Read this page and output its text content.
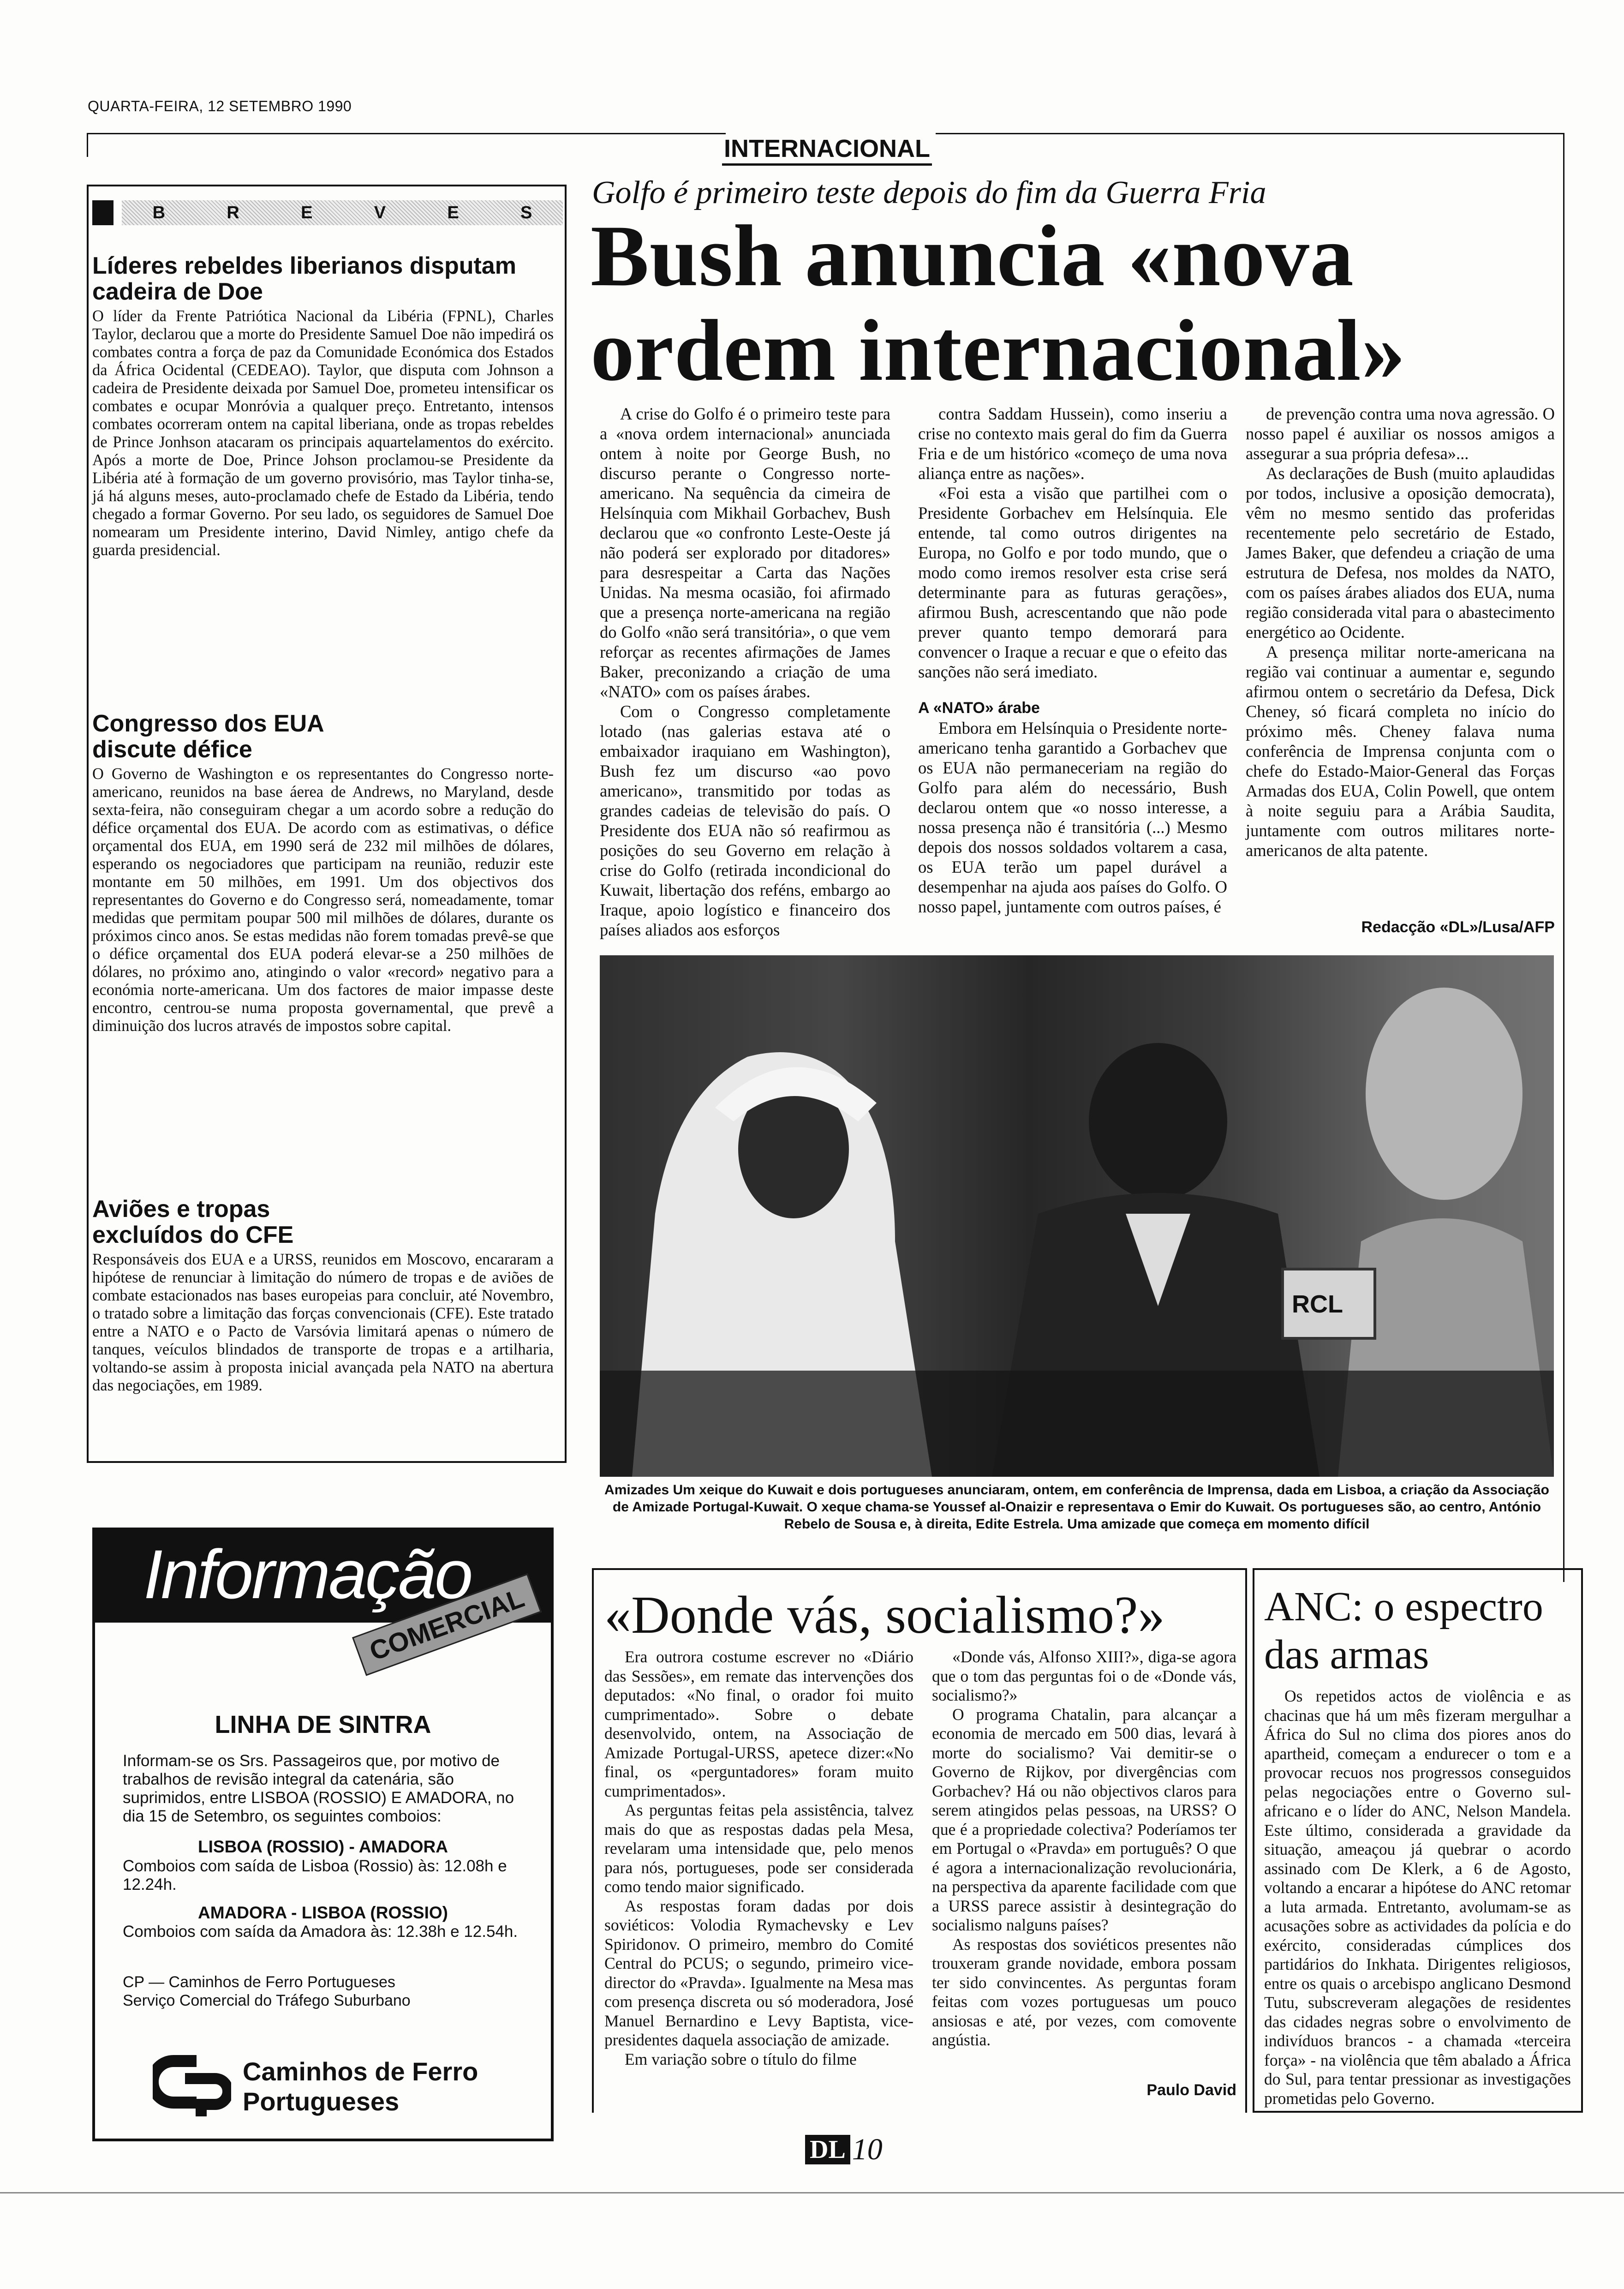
QUARTA-FEIRA, 12 SETEMBRO 1990
INTERNACIONAL
B	R	E	V	E	S
Líderes rebeldes liberianos disputam cadeira de Doe

O líder da Frente Patriótica Nacional da Libéria (FPNL), Charles Taylor, declarou que a morte do Presidente Samuel Doe não impedirá os combates contra a força de paz da Comunidade Económica dos Estados da África Ocidental (CEDEAO). Taylor, que disputa com Johnson a cadeira de Presidente deixada por Samuel Doe, prometeu intensificar os combates e ocupar Monróvia a qualquer preço. Entretanto, intensos combates ocorreram ontem na capital liberiana, onde as tropas rebeldes de Prince Jonhson atacaram os principais aquartelamentos do exército. Após a morte de Doe, Prince Johson proclamou-se Presidente da Libéria até à formação de um governo provisório, mas Taylor tinha-se, já há alguns meses, auto-proclamado chefe de Estado da Libéria, tendo chegado a formar Governo. Por seu lado, os seguidores de Samuel Doe nomearam um Presidente interino, David Nimley, antigo chefe da guarda presidencial.

Congresso dos EUA discute défice

O Governo de Washington e os representantes do Congresso norte-americano, reunidos na base áerea de Andrews, no Maryland, desde sexta-feira, não conseguiram chegar a um acordo sobre a redução do défice orçamental dos EUA. De acordo com as estimativas, o défice orçamental dos EUA, em 1990 será de 232 mil milhões de dólares, esperando os negociadores que participam na reunião, reduzir este montante em 50 milhões, em 1991. Um dos objectivos dos representantes do Governo e do Congresso será, nomeadamente, tomar medidas que permitam poupar 500 mil milhões de dólares, durante os próximos cinco anos. Se estas medidas não forem tomadas prevê-se que o défice orçamental dos EUA poderá elevar-se a 250 milhões de dólares, no próximo ano, atingindo o valor «record» negativo para a económia norte-americana. Um dos factores de maior impasse deste encontro, centrou-se numa proposta governamental, que prevê a diminuição dos lucros através de impostos sobre capital.

Aviões e tropas excluídos do CFE

Responsáveis dos EUA e a URSS, reunidos em Moscovo, encararam a hipótese de renunciar à limitação do número de tropas e de aviões de combate estacionados nas bases europeias para concluir, até Novembro, o tratado sobre a limitação das forças convencionais (CFE). Este tratado entre a NATO e o Pacto de Varsóvia limitará apenas o número de tanques, veículos blindados de transporte de tropas e a artilharia, voltando-se assim à proposta inicial avançada pela NATO na abertura das negociações, em 1989.

Informação
COMERCIAL
LINHA DE SINTRA

Informam-se os Srs. Passageiros que, por motivo de trabalhos de revisão integral da catenária, são suprimidos, entre LISBOA (ROSSIO) E AMADORA, no dia 15 de Setembro, os seguintes comboios:

LISBOA (ROSSIO) - AMADORA

Comboios com saída de Lisboa (Rossio) às: 12.08h e 12.24h.

AMADORA - LISBOA (ROSSIO)

Comboios com saída da Amadora às: 12.38h e 12.54h.

CP — Caminhos de Ferro Portugueses
Serviço Comercial do Tráfego Suburbano
Caminhos de Ferro
Portugueses
Golfo é primeiro teste depois do fim da Guerra Fria
Bush anuncia «nova
ordem internacional»

A crise do Golfo é o primeiro teste para a «nova ordem internacional» anunciada ontem à noite por George Bush, no discurso perante o Congresso norte-americano. Na sequência da cimeira de Helsínquia com Mikhail Gorbachev, Bush declarou que «o confronto Leste-Oeste já não poderá ser explorado por ditadores» para desrespeitar a Carta das Nações Unidas. Na mesma ocasião, foi afirmado que a presença norte-americana na região do Golfo «não será transitória», o que vem reforçar as recentes afirmações de James Baker, preconizando a criação de uma «NATO» com os países árabes.

Com o Congresso completamente lotado (nas galerias estava até o embaixador iraquiano em Washington), Bush fez um discurso «ao povo americano», transmitido por todas as grandes cadeias de televisão do país. O Presidente dos EUA não só reafirmou as posições do seu Governo em relação à crise do Golfo (retirada incondicional do Kuwait, libertação dos reféns, embargo ao Iraque, apoio logístico e financeiro dos países aliados aos esforços

contra Saddam Hussein), como inseriu a crise no contexto mais geral do fim da Guerra Fria e de um histórico «começo de uma nova aliança entre as nações».

«Foi esta a visão que partilhei com o Presidente Gorbachev em Helsínquia. Ele entende, tal como outros dirigentes na Europa, no Golfo e por todo mundo, que o modo como iremos resolver esta crise será determinante para as futuras gerações», afirmou Bush, acrescentando que não pode prever quanto tempo demorará para convencer o Iraque a recuar e que o efeito das sanções não será imediato.

A «NATO» árabe

Embora em Helsínquia o Presidente norte-americano tenha garantido a Gorbachev que os EUA não permaneceriam na região do Golfo para além do necessário, Bush declarou ontem que «o nosso interesse, a nossa presença não é transitória (...) Mesmo depois dos nossos soldados voltarem a casa, os EUA terão um papel durável a desempenhar na ajuda aos países do Golfo. O nosso papel, juntamente com outros países, é

de prevenção contra uma nova agressão. O nosso papel é auxiliar os nossos amigos a assegurar a sua própria defesa»...

As declarações de Bush (muito aplaudidas por todos, inclusive a oposição democrata), vêm no mesmo sentido das proferidas recentemente pelo secretário de Estado, James Baker, que defendeu a criação de uma estrutura de Defesa, nos moldes da NATO, com os países árabes aliados dos EUA, numa região considerada vital para o abastecimento energético ao Ocidente.

A presença militar norte-americana na região vai continuar a aumentar e, segundo afirmou ontem o secretário da Defesa, Dick Cheney, só ficará completa no início do próximo mês. Cheney falava numa conferência de Imprensa conjunta com o chefe do Estado-Maior-General das Forças Armadas dos EUA, Colin Powell, que ontem à noite seguiu para a Arábia Saudita, juntamente com outros militares norte-americanos de alta patente.

Redacção «DL»/Lusa/AFP
RCL

Amizades Um xeique do Kuwait e dois portugueses anunciaram, ontem, em conferência de Imprensa, dada em Lisboa, a criação da Associação de Amizade Portugal-Kuwait. O xeque chama-se Youssef al-Onaizir e representava o Emir do Kuwait. Os portugueses são, ao centro, António Rebelo de Sousa e, à direita, Edite Estrela. Uma amizade que começa em momento difícil

«Donde vás, socialismo?»

Era outrora costume escrever no «Diário das Sessões», em remate das intervenções dos deputados: «No final, o orador foi muito cumprimentado». Sobre o debate desenvolvido, ontem, na Associação de Amizade Portugal-URSS, apetece dizer:«No final, os «perguntadores» foram muito cumprimentados».

As perguntas feitas pela assistência, talvez mais do que as respostas dadas pela Mesa, revelaram uma intensidade que, pelo menos para nós, portugueses, pode ser considerada como tendo maior significado.

As respostas foram dadas por dois soviéticos: Volodia Rymachevsky e Lev Spiridonov. O primeiro, membro do Comité Central do PCUS; o segundo, primeiro vice-director do «Pravda». Igualmente na Mesa mas com presença discreta ou só moderadora, José Manuel Bernardino e Levy Baptista, vice-presidentes daquela associação de amizade.

Em variação sobre o título do filme

«Donde vás, Alfonso XIII?», diga-se agora que o tom das perguntas foi o de «Donde vás, socialismo?»

O programa Chatalin, para alcançar a economia de mercado em 500 dias, levará à morte do socialismo? Vai demitir-se o Governo de Rijkov, por divergências com Gorbachev? Há ou não objectivos claros para serem atingidos pelas pessoas, na URSS? O que é a propriedade colectiva? Poderíamos ter em Portugal o «Pravda» em português? O que é agora a internacionalização revolucionária, na perspectiva da aparente facilidade com que a URSS parece assistir à desintegração do socialismo nalguns países?

As respostas dos soviéticos presentes não trouxeram grande novidade, embora possam ter sido convincentes. As perguntas foram feitas com vozes portuguesas um pouco ansiosas e até, por vezes, com comovente angústia.

Paulo David
ANC: o espectro das armas

Os repetidos actos de violência e as chacinas que há um mês fizeram mergulhar a África do Sul no clima dos piores anos do apartheid, começam a endurecer o tom e a provocar recuos nos progressos conseguidos pelas negociações entre o Governo sul-africano e o líder do ANC, Nelson Mandela. Este último, considerada a gravidade da situação, ameaçou já quebrar o acordo assinado com De Klerk, a 6 de Agosto, voltando a encarar a hipótese do ANC retomar a luta armada. Entretanto, avolumam-se as acusações sobre as actividades da polícia e do exército, consideradas cúmplices dos partidários do Inkhata. Dirigentes religiosos, entre os quais o arcebispo anglicano Desmond Tutu, subscreveram alegações de residentes das cidades negras sobre o envolvimento de indivíduos brancos - a chamada «terceira força» - na violência que têm abalado a África do Sul, para tentar pressionar as investigações prometidas pelo Governo.

DL 10
